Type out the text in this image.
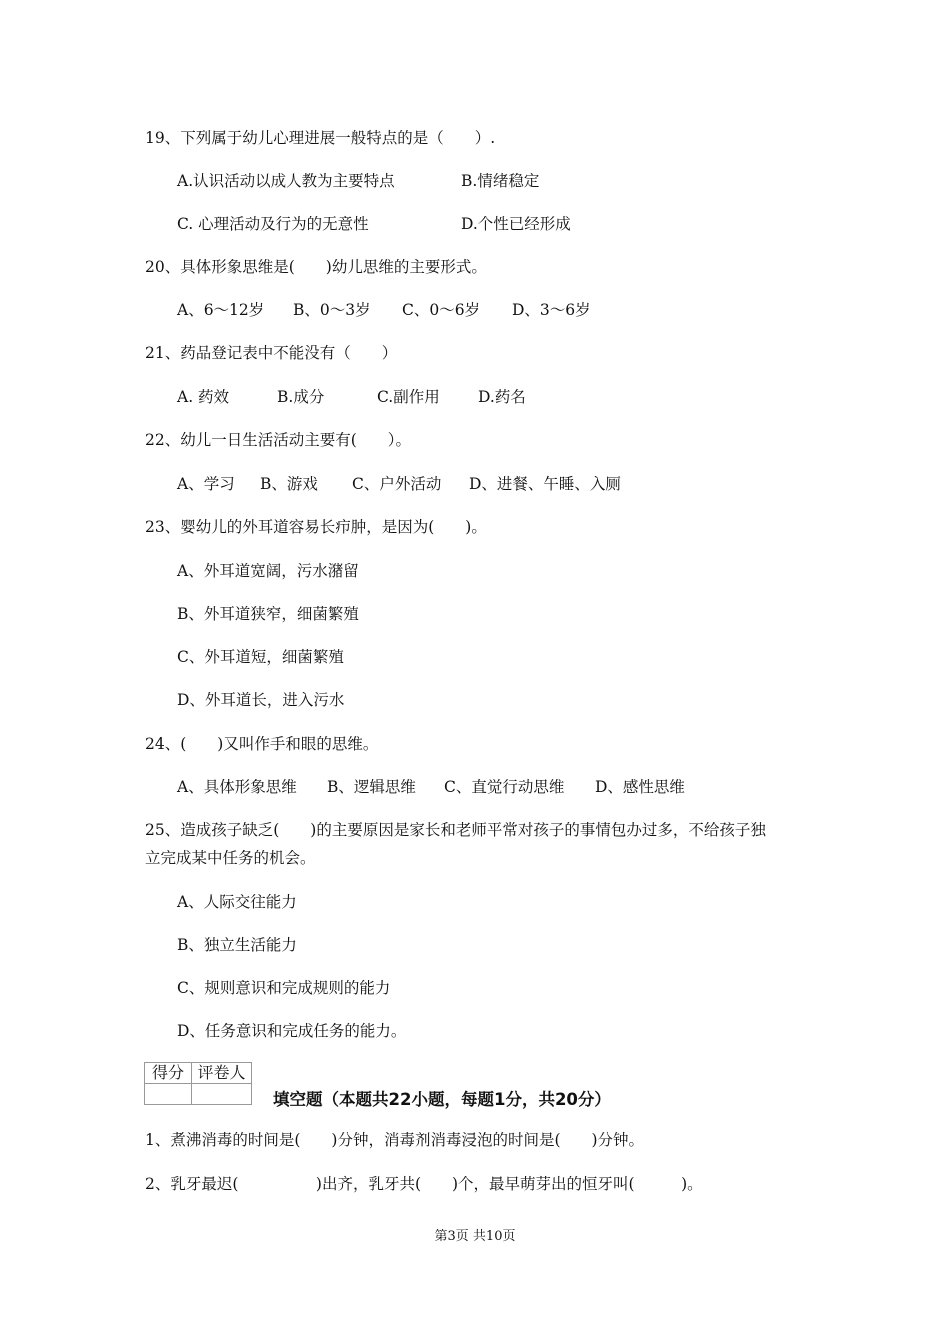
19、下列属于幼儿心理进展一般特点的是（　　）.
A.认识活动以成人教为主要特点	B.情绪稳定
C. 心理活动及行为的无意性	D.个性已经形成
20、具体形象思维是(　　)幼儿思维的主要形式。
A、6～12岁 B、0～3岁 C、0～6岁 D、3～6岁
21、药品登记表中不能没有（　　）
A. 药效	B.成分	C.副作用 D.药名
22、幼儿一日生活活动主要有(　　）。
A、学习 B、游戏 C、户外活动 D、进餐、午睡、入厕
23、婴幼儿的外耳道容易长疖肿，是因为(　　)。
A、外耳道宽阔，污水潴留
B、外耳道狭窄，细菌繁殖
C、外耳道短，细菌繁殖
D、外耳道长，进入污水
24、(　　)又叫作手和眼的思维。
A、具体形象思维 B、逻辑思维 C、直觉行动思维 D、感性思维
25、造成孩子缺乏(　　)的主要原因是家长和老师平常对孩子的事情包办过多，不给孩子独
立完成某中任务的机会。
A、人际交往能力
B、独立生活能力
C、规则意识和完成规则的能力
D、任务意识和完成任务的能力。
得分	评卷人

填空题（本题共22小题，每题1分，共20分）
1、煮沸消毒的时间是(　　)分钟，消毒剂消毒浸泡的时间是(　　)分钟。
2、乳牙最迟(　　　　　)出齐，乳牙共(　　)个，最早萌芽出的恒牙叫(　　　)。
第3页 共10页
